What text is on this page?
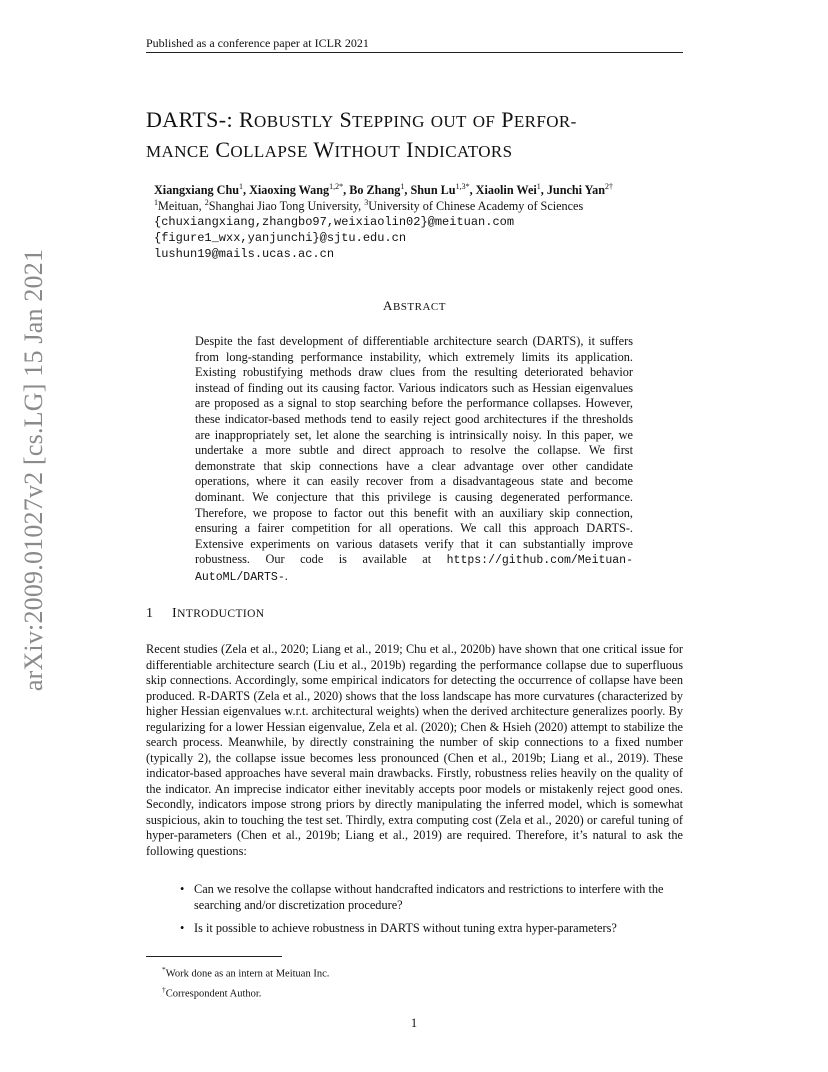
Published as a conference paper at ICLR 2021
arXiv:2009.01027v2 [cs.LG] 15 Jan 2021
DARTS-: ROBUSTLY STEPPING OUT OF PERFOR-
MANCE COLLAPSE WITHOUT INDICATORS
Xiangxiang Chu$^1$, Xiaoxing Wang$^{1,2*}$, Bo Zhang$^1$, Shun $Lu^{1,3*}$, Xiaolin Wei$^1$, Junchi Yan$^{2\dagger}$
$^1$Meituan, $^2$Shanghai Jiao Tong University, $^3$University of Chinese Academy of Sciences
{chuxiangxiang,zhangbo97,weixiaolin02}@meituan.com
{figure1_wxx,yanjunchi}@sjtu.edu.cn
lushun19@mails.ucas.ac.cn
ABSTRACT
Despite the fast development of differentiable architecture search (DARTS), it suffers from long-standing performance instability, which extremely limits its application. Existing robustifying methods draw clues from the resulting deteriorated behavior instead of finding out its causing factor. Various indicators such as Hessian eigenvalues are proposed as a signal to stop searching before the performance collapses. However, these indicator-based methods tend to easily reject good architectures if the thresholds are inappropriately set, let alone the searching is intrinsically noisy. In this paper, we undertake a more subtle and direct approach to resolve the collapse. We first demonstrate that skip connections have a clear advantage over other candidate operations, where it can easily recover from a disadvantageous state and become dominant. We conjecture that this privilege is causing degenerated performance. Therefore, we propose to factor out this benefit with an auxiliary skip connection, ensuring a fairer competition for all operations. We call this approach DARTS-. Extensive experiments on various datasets verify that it can substantially improve robustness. Our code is available at https://github.com/Meituan-AutoML/DARTS-.
1 INTRODUCTION
Recent studies (Zela et al., 2020; Liang et al., 2019; Chu et al., 2020b) have shown that one critical issue for differentiable architecture search (Liu et al., 2019b) regarding the performance collapse due to superfluous skip connections. Accordingly, some empirical indicators for detecting the occurrence of collapse have been produced. R-DARTS (Zela et al., 2020) shows that the loss landscape has more curvatures (characterized by higher Hessian eigenvalues w.r.t. architectural weights) when the derived architecture generalizes poorly. By regularizing for a lower Hessian eigenvalue, Zela et al. (2020); Chen & Hsieh (2020) attempt to stabilize the search process. Meanwhile, by directly constraining the number of skip connections to a fixed number (typically 2), the collapse issue becomes less pronounced (Chen et al., 2019b; Liang et al., 2019). These indicator-based approaches have several main drawbacks. Firstly, robustness relies heavily on the quality of the indicator. An imprecise indicator either inevitably accepts poor models or mistakenly reject good ones. Secondly, indicators impose strong priors by directly manipulating the inferred model, which is somewhat suspicious, akin to touching the test set. Thirdly, extra computing cost (Zela et al., 2020) or careful tuning of hyper-parameters (Chen et al., 2019b; Liang et al., 2019) are required. Therefore, it’s natural to ask the following questions:
• Can we resolve the collapse without handcrafted indicators and restrictions to interfere with the searching and/or discretization procedure?
• Is it possible to achieve robustness in DARTS without tuning extra hyper-parameters?
*Work done as an intern at Meituan Inc.
†Correspondent Author.
1
